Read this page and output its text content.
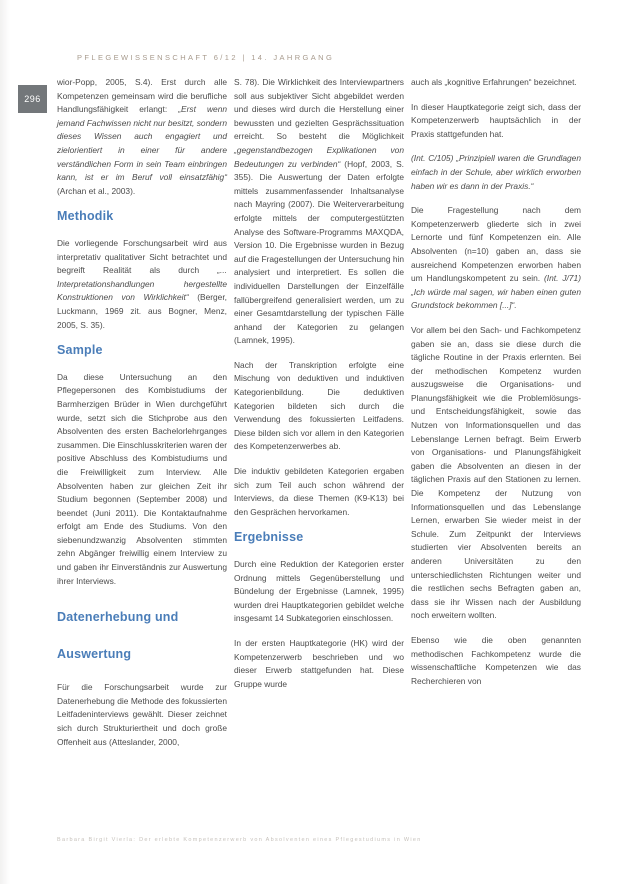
PFLEGEWISSENSCHAFT 6/12 | 14. JAHRGANG
296

wior-Popp, 2005, S.4). Erst durch alle Kompetenzen gemeinsam wird die berufliche Handlungsfähigkeit erlangt: „Erst wenn jemand Fachwissen nicht nur besitzt, sondern dieses Wissen auch engagiert und zielorientiert in einer für andere verständlichen Form in sein Team einbringen kann, ist er im Beruf voll einsatzfähig“ (Archan et al., 2003).

Methodik

Die vorliegende Forschungsarbeit wird aus interpretativ qualitativer Sicht betrachtet und begreift Realität als durch „... Interpretationshandlungen hergestellte Konstruktionen von Wirklichkeit“ (Berger, Luckmann, 1969 zit. aus Bogner, Menz, 2005, S. 35).

Sample

Da diese Untersuchung an den Pflegepersonen des Kombistudiums der Barmherzigen Brüder in Wien durchgeführt wurde, setzt sich die Stichprobe aus den Absolventen des ersten Bachelorlehrganges zusammen. Die Einschlusskriterien waren der positive Abschluss des Kombistudiums und die Freiwilligkeit zum Interview. Alle Absolventen haben zur gleichen Zeit ihr Studium begonnen (September 2008) und beendet (Juni 2011). Die Kontaktaufnahme erfolgt am Ende des Studiums. Von den siebenundzwanzig Absolventen stimmten zehn Abgänger freiwillig einem Interview zu und gaben ihr Einverständnis zur Auswertung ihrer Interviews.

Datenerhebung und Auswertung

Für die Forschungsarbeit wurde zur Datenerhebung die Methode des fokussierten Leitfadeninterviews gewählt. Dieser zeichnet sich durch Strukturiertheit und doch große Offenheit aus (Atteslander, 2000,

S. 78). Die Wirklichkeit des Interviewpartners soll aus subjektiver Sicht abgebildet werden und dieses wird durch die Herstellung einer bewussten und gezielten Gesprächssituation erreicht. So besteht die Möglichkeit „gegenstandbezogen Explikationen von Bedeutungen zu verbinden“ (Hopf, 2003, S. 355). Die Auswertung der Daten erfolgte mittels zusammenfassender Inhaltsanalyse nach Mayring (2007). Die Weiterverarbeitung erfolgte mittels der computergestützten Analyse des Software-Programms MAXQDA, Version 10. Die Ergebnisse wurden in Bezug auf die Fragestellungen der Untersuchung hin analysiert und interpretiert. Es sollen die individuellen Darstellungen der Einzelfälle fallübergreifend generalisiert werden, um zu einer Gesamtdarstellung der typischen Fälle anhand der Kategorien zu gelangen (Lamnek, 1995).

Nach der Transkription erfolgte eine Mischung von deduktiven und induktiven Kategorienbildung. Die deduktiven Kategorien bildeten sich durch die Verwendung des fokussierten Leitfadens. Diese bilden sich vor allem in den Kategorien des Kompetenzerwerbes ab.

Die induktiv gebildeten Kategorien ergaben sich zum Teil auch schon während der Interviews, da diese Themen (K9-K13) bei den Gesprächen hervorkamen.

Ergebnisse

Durch eine Reduktion der Kategorien erster Ordnung mittels Gegenüberstellung und Bündelung der Ergebnisse (Lamnek, 1995) wurden drei Hauptkategorien gebildet welche insgesamt 14 Subkategorien einschlossen.

In der ersten Hauptkategorie (HK) wird der Kompetenzerwerb beschrieben und wo dieser Erwerb stattgefunden hat. Diese Gruppe wurde

auch als „kognitive Erfahrungen“ bezeichnet.

In dieser Hauptkategorie zeigt sich, dass der Kompetenzerwerb hauptsächlich in der Praxis stattgefunden hat.

(Int. C/105) „Prinzipiell waren die Grundlagen einfach in der Schule, aber wirklich erworben haben wir es dann in der Praxis.“

Die Fragestellung nach dem Kompetenzerwerb gliederte sich in zwei Lernorte und fünf Kompetenzen ein. Alle Absolventen (n=10) gaben an, dass sie ausreichend Kompetenzen erworben haben um Handlungskompetent zu sein. (Int. J/71) „Ich würde mal sagen, wir haben einen guten Grundstock bekommen [...]“.

Vor allem bei den Sach- und Fachkompetenz gaben sie an, dass sie diese durch die tägliche Routine in der Praxis erlernten. Bei der methodischen Kompetenz wurden auszugsweise die Organisations- und Planungsfähigkeit wie die Problemlösungs- und Entscheidungsfähigkeit, sowie das Nutzen von Informationsquellen und das Lebenslange Lernen befragt. Beim Erwerb von Organisations- und Planungsfähigkeit gaben die Absolventen an diesen in der täglichen Praxis auf den Stationen zu lernen. Die Kompetenz der Nutzung von Informationsquellen und das Lebenslange Lernen, erwarben Sie wieder meist in der Schule. Zum Zeitpunkt der Interviews studierten vier Absolventen bereits an anderen Universitäten zu den unterschiedlichsten Richtungen weiter und die restlichen sechs Befragten gaben an, dass sie ihr Wissen nach der Ausbildung noch erweitern wollten.

Ebenso wie die oben genannten methodischen Fachkompetenz wurde die wissenschaftliche Kompetenzen wie das Recherchieren von

Barbara Birgit Vierla: Der erlebte Kompetenzerwerb von Absolventen eines Pflegestudiums in Wien
